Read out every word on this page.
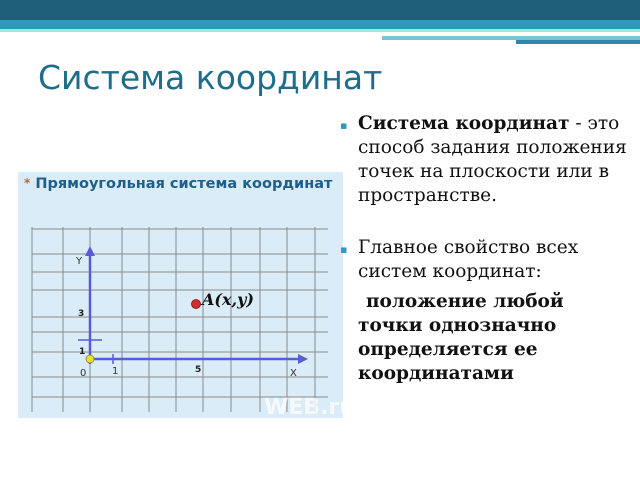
Система координат
Y
X
0	1	5
1
3
A(x,y)
WEB.ru
* Прямоугольная система координат
▪ Система координат - это способ задания положения точек на плоскости или в пространстве.
▪ Главное свойство всех систем координат:
положение любой точки однозначно определяется ее координатами
